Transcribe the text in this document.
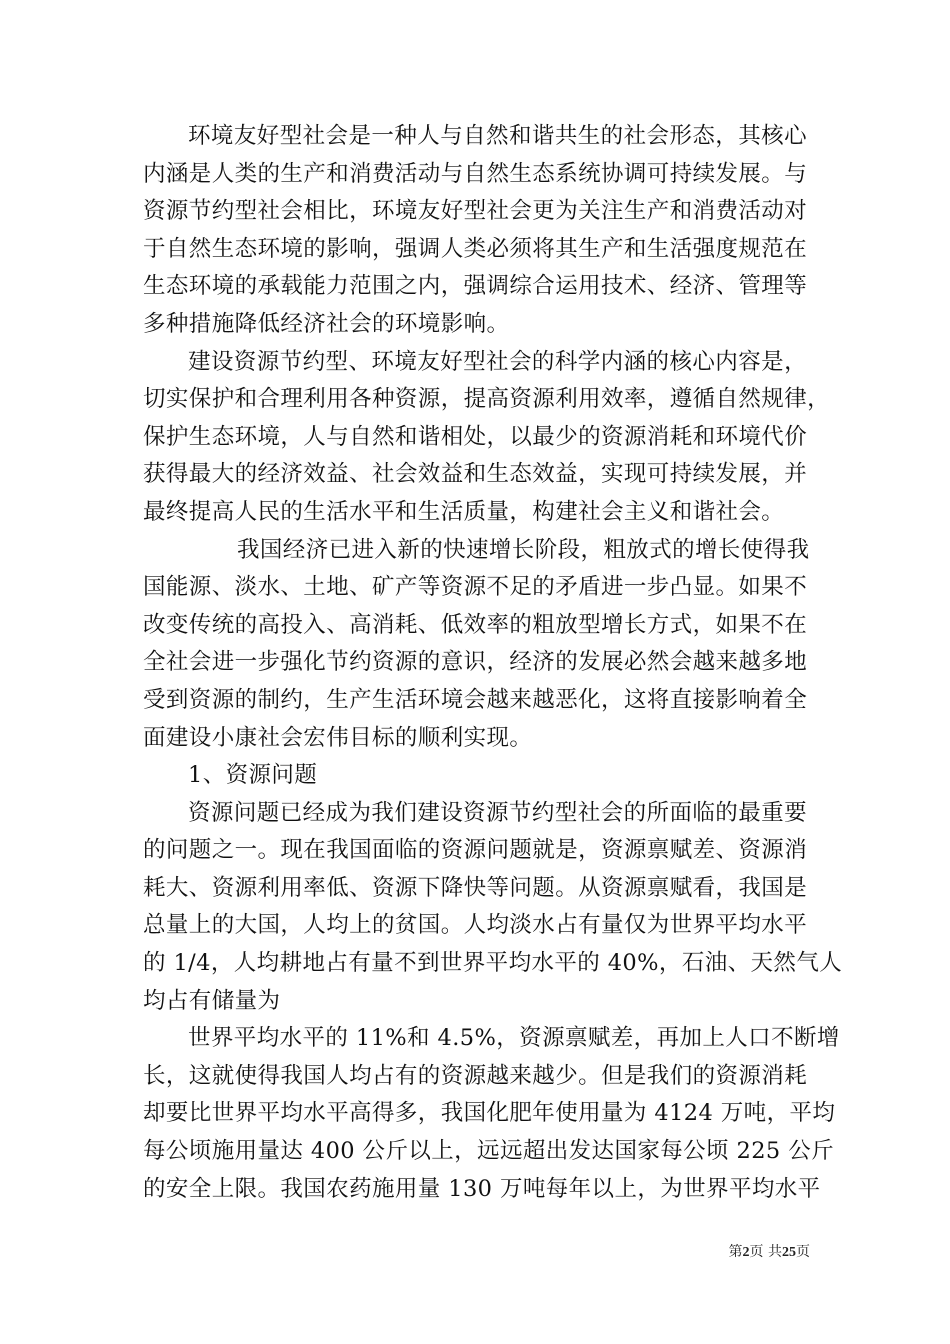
环境友好型社会是一种人与自然和谐共生的社会形态，其核心
内涵是人类的生产和消费活动与自然生态系统协调可持续发展。与
资源节约型社会相比，环境友好型社会更为关注生产和消费活动对
于自然生态环境的影响，强调人类必须将其生产和生活强度规范在
生态环境的承载能力范围之内，强调综合运用技术、经济、管理等
多种措施降低经济社会的环境影响。
建设资源节约型、环境友好型社会的科学内涵的核心内容是，
切实保护和合理利用各种资源，提高资源利用效率，遵循自然规律，
保护生态环境，人与自然和谐相处，以最少的资源消耗和环境代价
获得最大的经济效益、社会效益和生态效益，实现可持续发展，并
最终提高人民的生活水平和生活质量，构建社会主义和谐社会。
我国经济已进入新的快速增长阶段，粗放式的增长使得我
国能源、淡水、土地、矿产等资源不足的矛盾进一步凸显。如果不
改变传统的高投入、高消耗、低效率的粗放型增长方式，如果不在
全社会进一步强化节约资源的意识，经济的发展必然会越来越多地
受到资源的制约，生产生活环境会越来越恶化，这将直接影响着全
面建设小康社会宏伟目标的顺利实现。
1、资源问题
资源问题已经成为我们建设资源节约型社会的所面临的最重要
的问题之一。现在我国面临的资源问题就是，资源禀赋差、资源消
耗大、资源利用率低、资源下降快等问题。从资源禀赋看，我国是
总量上的大国，人均上的贫国。人均淡水占有量仅为世界平均水平
的 1/4，人均耕地占有量不到世界平均水平的 40%，石油、天然气人
均占有储量为
世界平均水平的 11%和 4.5%，资源禀赋差，再加上人口不断增
长，这就使得我国人均占有的资源越来越少。但是我们的资源消耗
却要比世界平均水平高得多，我国化肥年使用量为 4124 万吨，平均
每公顷施用量达 400 公斤以上，远远超出发达国家每公顷 225 公斤
的安全上限。我国农药施用量 130 万吨每年以上，为世界平均水平
第2页 共25页
